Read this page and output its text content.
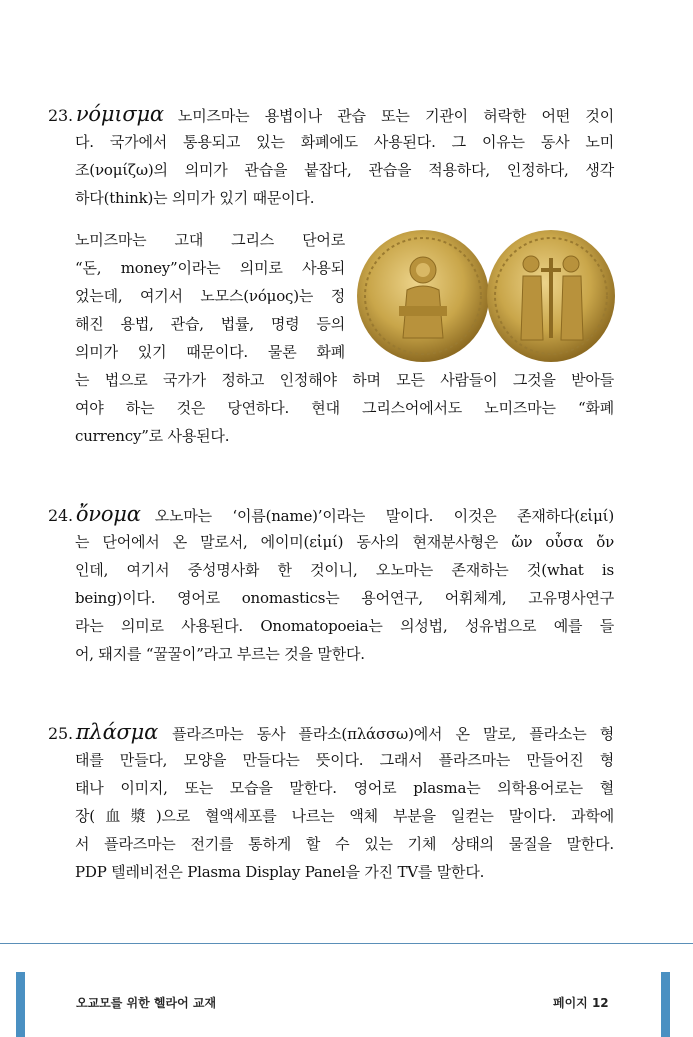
23. νόμισμα 노미즈마는 용볍이나 관습 또는 기관이 허락한 어떤 것이
다. 국가에서 통용되고 있는 화폐에도 사용된다. 그 이유는 동사 노미
조(νομίζω)의 의미가 관습을 붙잡다, 관습을 적용하다, 인정하다, 생각
하다(think)는 의미가 있기 때문이다.
노미즈마는 고대 그리스 단어로
“돈, money”이라는 의미로 사용되
었는데, 여기서 노모스(νόμος)는 정
해진 용법, 관습, 법률, 명령 등의
의미가 있기 때문이다. 물론 화폐
는 법으로 국가가 정하고 인정해야 하며 모든 사람들이 그것을 받아들
여야 하는 것은 당연하다. 현대 그리스어에서도 노미즈마는 “화폐
currency”로 사용된다.
24. ὄνομα 오노마는 ‘이름(name)’이라는 말이다. 이것은 존재하다(εἰμί)
는 단어에서 온 말로서, 에이미(εἰμί) 동사의 현재분사형은 ὤν οὖσα ὄν
인데, 여기서 중성명사화 한 것이니, 오노마는 존재하는 것(what is
being)이다. 영어로 onomastics는 용어연구, 어휘체계, 고유명사연구
라는 의미로 사용된다. Onomatopoeia는 의성법, 성유법으로 예를 들
어, 돼지를 “꿀꿀이”라고 부르는 것을 말한다.
25. πλάσμα 플라즈마는 동사 플라소(πλάσσω)에서 온 말로, 플라소는 형
태를 만들다, 모양을 만들다는 뜻이다. 그래서 플라즈마는 만들어진 형
태나 이미지, 또는 모습을 말한다. 영어로 plasma는 의학용어로는 혈
장(血漿)으로 혈액세포를 나르는 액체 부분을 일컫는 말이다. 과학에
서 플라즈마는 전기를 통하게 할 수 있는 기체 상태의 물질을 말한다.
PDP 텔레비전은 Plasma Display Panel을 가진 TV를 말한다.
오교모를 위한 헬라어 교재	페이지 12
